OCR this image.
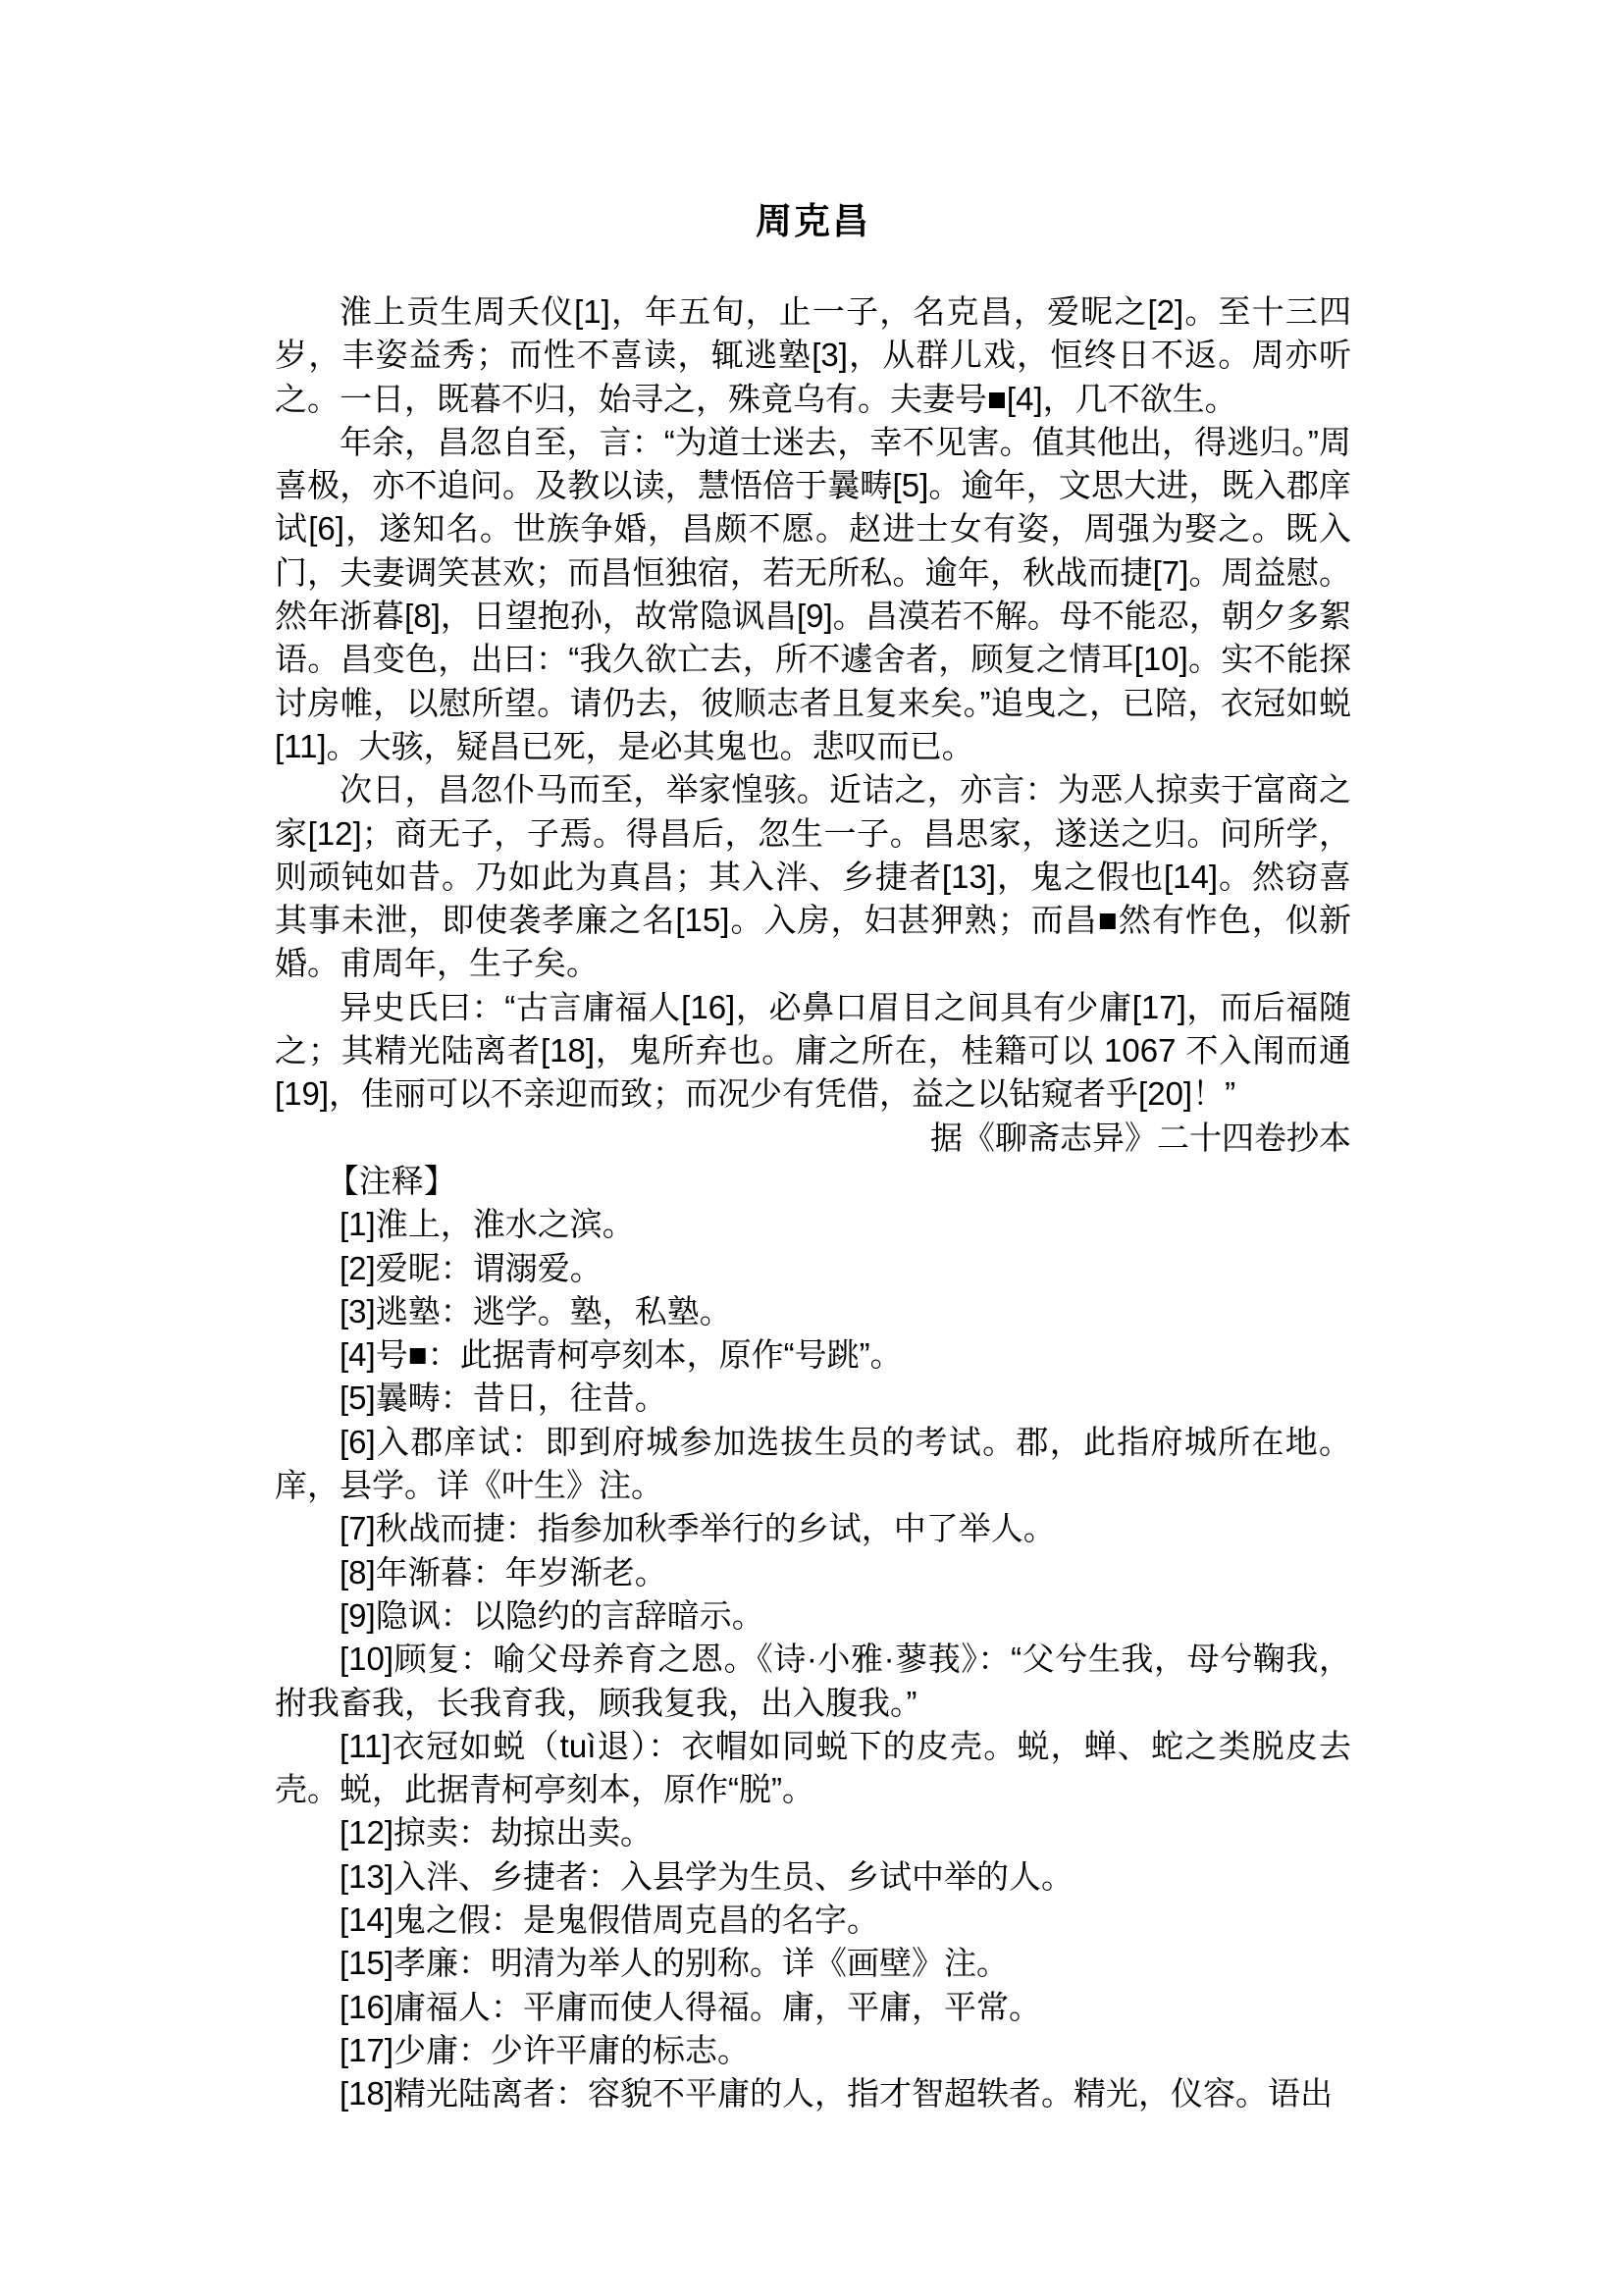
周克昌

淮上贡生周夭仪[1]，年五旬，止一子，名克昌，爱昵之[2]。至十三四岁，丰姿益秀；而性不喜读，辄逃塾[3]，从群儿戏，恒终日不返。周亦听之。一日，既暮不归，始寻之，殊竟乌有。夫妻号■[4]，几不欲生。

年余，昌忽自至，言：“为道士迷去，幸不见害。值其他出，得逃归。”周喜极，亦不追问。及教以读，慧悟倍于曩畴[5]。逾年，文思大进，既入郡庠试[6]，遂知名。世族争婚，昌颇不愿。赵进士女有姿，周强为娶之。既入门，夫妻调笑甚欢；而昌恒独宿，若无所私。逾年，秋战而捷[7]。周益慰。然年浙暮[8]，日望抱孙，故常隐讽昌[9]。昌漠若不解。母不能忍，朝夕多絮语。昌变色，出曰：“我久欲亡去，所不遽舍者，顾复之情耳[10]。实不能探讨房帷，以慰所望。请仍去，彼顺志者且复来矣。”追曳之，已陪，衣冠如蜕[11]。大骇，疑昌已死，是必其鬼也。悲叹而已。

次日，昌忽仆马而至，举家惶骇。近诘之，亦言：为恶人掠卖于富商之家[12]；商无子，子焉。得昌后，忽生一子。昌思家，遂送之归。问所学，则顽钝如昔。乃如此为真昌；其入泮、乡捷者[13]，鬼之假也[14]。然窃喜其事未泄，即使袭孝廉之名[15]。入房，妇甚狎熟；而昌■然有怍色，似新婚。甫周年，生子矣。

异史氏曰：“古言庸福人[16]，必鼻口眉目之间具有少庸[17]，而后福随之；其精光陆离者[18]，鬼所弃也。庸之所在，桂籍可以 1067 不入闱而通[19]，佳丽可以不亲迎而致；而况少有凭借，益之以钻窥者乎[20]！”

据《聊斋志异》二十四卷抄本

【注释】

[1]淮上，淮水之滨。

[2]爱昵：谓溺爱。

[3]逃塾：逃学。塾，私塾。

[4]号■：此据青柯亭刻本，原作“号跳”。

[5]曩畴：昔日，往昔。

[6]入郡庠试：即到府城参加选拔生员的考试。郡，此指府城所在地。庠，县学。详《叶生》注。

[7]秋战而捷：指参加秋季举行的乡试，中了举人。

[8]年渐暮：年岁渐老。

[9]隐讽：以隐约的言辞暗示。

[10]顾复：喻父母养育之恩。《诗·小雅·蓼莪》：“父兮生我，母兮鞠我，拊我畜我，长我育我，顾我复我，出入腹我。”

[11]衣冠如蜕（tuì退）：衣帽如同蜕下的皮壳。蜕，蝉、蛇之类脱皮去壳。蜕，此据青柯亭刻本，原作“脱”。

[12]掠卖：劫掠出卖。

[13]入泮、乡捷者：入县学为生员、乡试中举的人。

[14]鬼之假：是鬼假借周克昌的名字。

[15]孝廉：明清为举人的别称。详《画壁》注。

[16]庸福人：平庸而使人得福。庸，平庸，平常。

[17]少庸：少许平庸的标志。

[18]精光陆离者：容貌不平庸的人，指才智超轶者。精光，仪容。语出
